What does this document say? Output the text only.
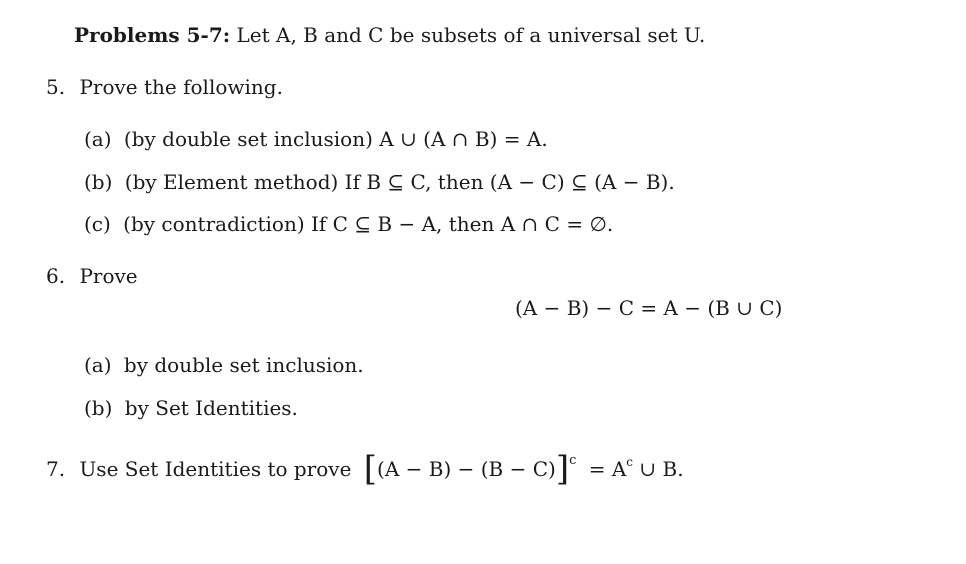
Problems 5-7: Let A, B and C be subsets of a universal set U.
5. Prove the following.
(a) (by double set inclusion) A ∪ (A ∩ B) = A.
(b) (by Element method) If B ⊆ C, then (A − C) ⊆ (A − B).
(c) (by contradiction) If C ⊆ B − A, then A ∩ C = ∅.
6. Prove
(A − B) − C = A − (B ∪ C)
(a) by double set inclusion.
(b) by Set Identities.
7. Use Set Identities to prove $[(A - B) - (B - C)]^c = A^c$ ∪ B.
